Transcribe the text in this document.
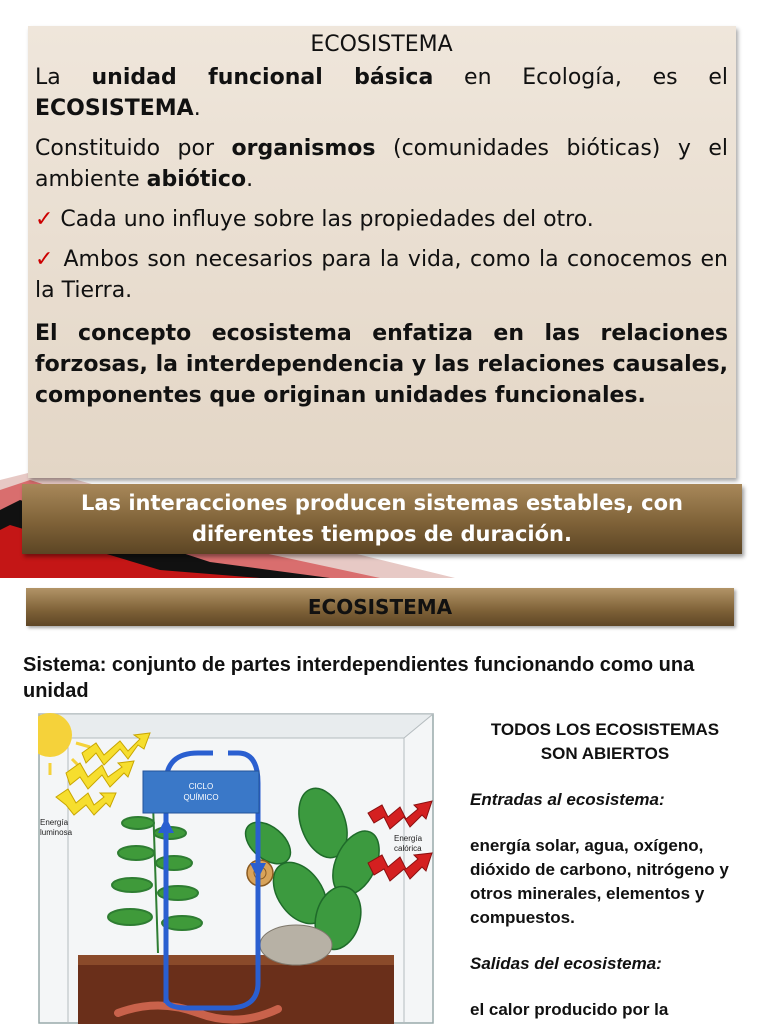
ECOSISTEMA

La unidad funcional básica en Ecología, es el ECOSISTEMA.

Constituido por organismos (comunidades bióticas) y el ambiente abiótico.

✓ Cada uno influye sobre las propiedades del otro.

✓ Ambos son necesarios para la vida, como la conocemos en la Tierra.

El concepto ecosistema enfatiza en las relaciones forzosas, la interdependencia y las relaciones causales, componentes que originan unidades funcionales.

Las interacciones producen sistemas estables, con
diferentes tiempos de duración.
ECOSISTEMA
Sistema: conjunto de partes interdependientes funcionando como una unidad
Energía
luminosa
CICLO
QUÍMICO
Energía
calórica
TODOS LOS ECOSISTEMAS
SON ABIERTOS
Entradas al ecosistema:
energía solar, agua, oxígeno, dióxido de carbono, nitrógeno y otros minerales, elementos y compuestos.
Salidas del ecosistema:
el calor producido por la
